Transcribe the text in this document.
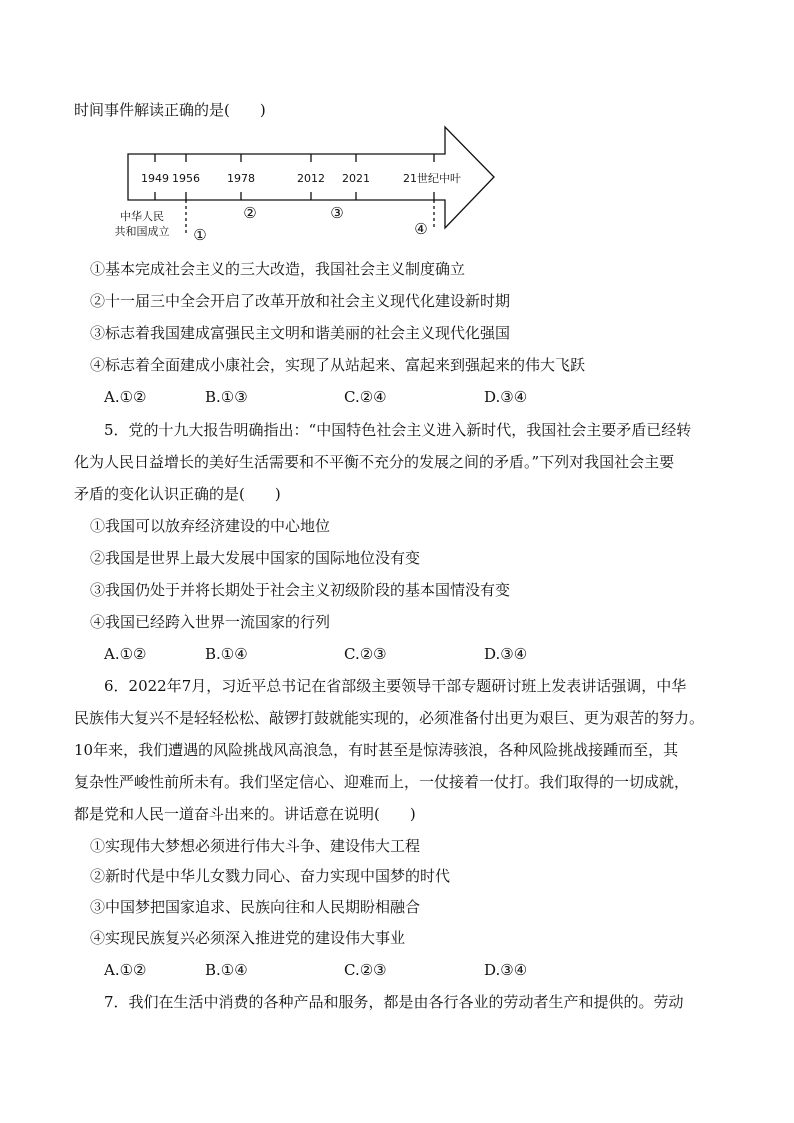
时间事件解读正确的是(　　)
1949 1956 1978	2012 2021	21世纪中叶
中华人民
共和国成立 ①
②	③
④
①基本完成社会主义的三大改造，我国社会主义制度确立
②十一届三中全会开启了改革开放和社会主义现代化建设新时期
③标志着我国建成富强民主文明和谐美丽的社会主义现代化强国
④标志着全面建成小康社会，实现了从站起来、富起来到强起来的伟大飞跃
A.①②	B.①③	C.②④	D.③④
5．党的十九大报告明确指出：“中国特色社会主义进入新时代，我国社会主要矛盾已经转
化为人民日益增长的美好生活需要和不平衡不充分的发展之间的矛盾。”下列对我国社会主要
矛盾的变化认识正确的是(　　)
①我国可以放弃经济建设的中心地位
②我国是世界上最大发展中国家的国际地位没有变
③我国仍处于并将长期处于社会主义初级阶段的基本国情没有变
④我国已经跨入世界一流国家的行列
A.①②	B.①④	C.②③	D.③④
6．2022年7月，习近平总书记在省部级主要领导干部专题研讨班上发表讲话强调，中华
民族伟大复兴不是轻轻松松、敲锣打鼓就能实现的，必须准备付出更为艰巨、更为艰苦的努力。
10年来，我们遭遇的风险挑战风高浪急，有时甚至是惊涛骇浪，各种风险挑战接踵而至，其
复杂性严峻性前所未有。我们坚定信心、迎难而上，一仗接着一仗打。我们取得的一切成就，
都是党和人民一道奋斗出来的。讲话意在说明(　　)
①实现伟大梦想必须进行伟大斗争、建设伟大工程
②新时代是中华儿女戮力同心、奋力实现中国梦的时代
③中国梦把国家追求、民族向往和人民期盼相融合
④实现民族复兴必须深入推进党的建设伟大事业
A.①②	B.①④	C.②③	D.③④
7．我们在生活中消费的各种产品和服务，都是由各行各业的劳动者生产和提供的。劳动
